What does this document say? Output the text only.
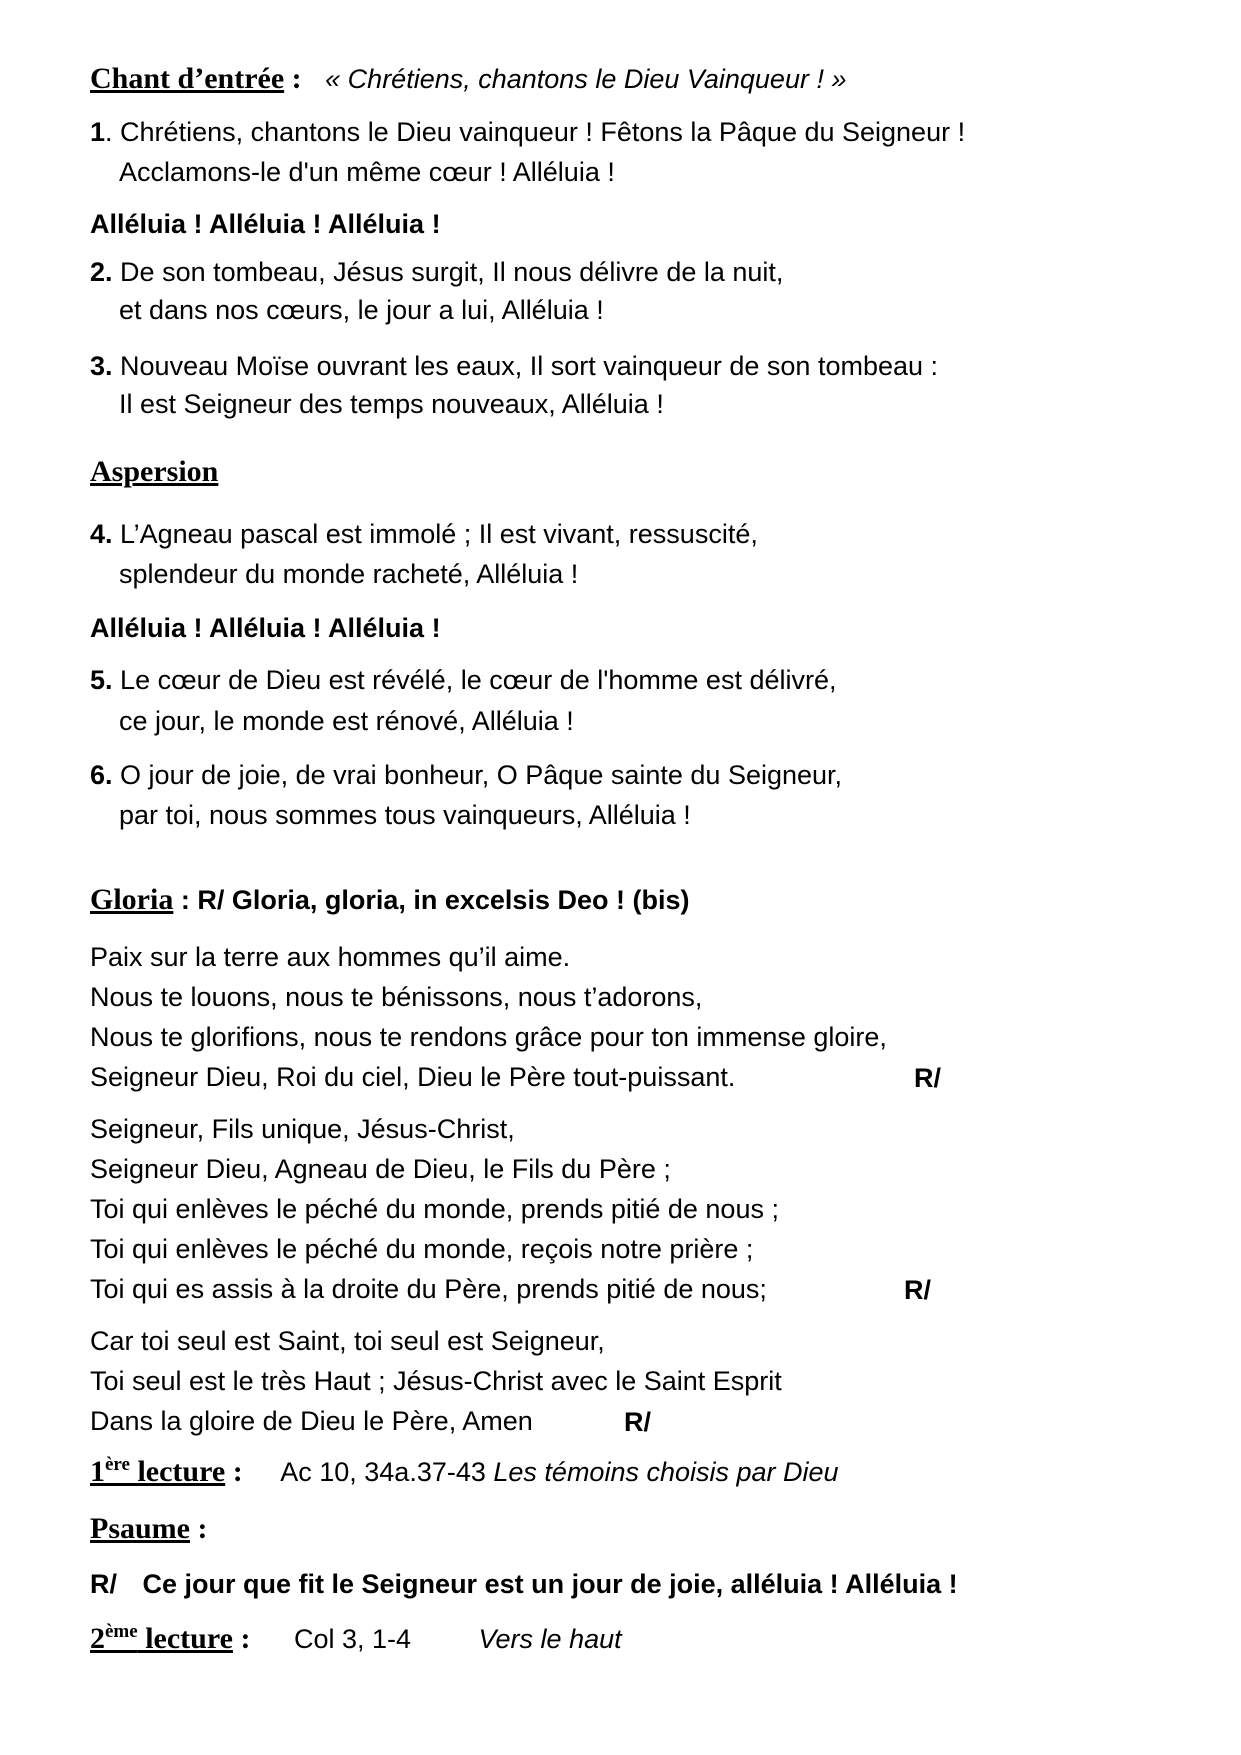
Chant d’entrée : « Chrétiens, chantons le Dieu Vainqueur ! »
1. Chrétiens, chantons le Dieu vainqueur ! Fêtons la Pâque du Seigneur !
Acclamons-le d'un même cœur ! Alléluia !
Alléluia ! Alléluia ! Alléluia !
2. De son tombeau, Jésus surgit, Il nous délivre de la nuit,
et dans nos cœurs, le jour a lui, Alléluia !
3. Nouveau Moïse ouvrant les eaux, Il sort vainqueur de son tombeau :
Il est Seigneur des temps nouveaux, Alléluia !
Aspersion
4. L’Agneau pascal est immolé ; Il est vivant, ressuscité,
splendeur du monde racheté, Alléluia !
Alléluia ! Alléluia ! Alléluia !
5. Le cœur de Dieu est révélé, le cœur de l'homme est délivré,
ce jour, le monde est rénové, Alléluia !
6. O jour de joie, de vrai bonheur, O Pâque sainte du Seigneur,
par toi, nous sommes tous vainqueurs, Alléluia !
Gloria : R/ Gloria, gloria, in excelsis Deo ! (bis)
Paix sur la terre aux hommes qu’il aime.
Nous te louons, nous te bénissons, nous t’adorons,
Nous te glorifions, nous te rendons grâce pour ton immense gloire,
Seigneur Dieu, Roi du ciel, Dieu le Père tout-puissant.	R/
Seigneur, Fils unique, Jésus-Christ,
Seigneur Dieu, Agneau de Dieu, le Fils du Père ;
Toi qui enlèves le péché du monde, prends pitié de nous ;
Toi qui enlèves le péché du monde, reçois notre prière ;
Toi qui es assis à la droite du Père, prends pitié de nous;	R/
Car toi seul est Saint, toi seul est Seigneur,
Toi seul est le très Haut ; Jésus-Christ avec le Saint Esprit
Dans la gloire de Dieu le Père, Amen	R/
1ère lecture : Ac 10, 34a.37-43 Les témoins choisis par Dieu
Psaume :
R/ Ce jour que fit le Seigneur est un jour de joie, alléluia ! Alléluia !
2ème lecture : Col 3, 1-4	Vers le haut
